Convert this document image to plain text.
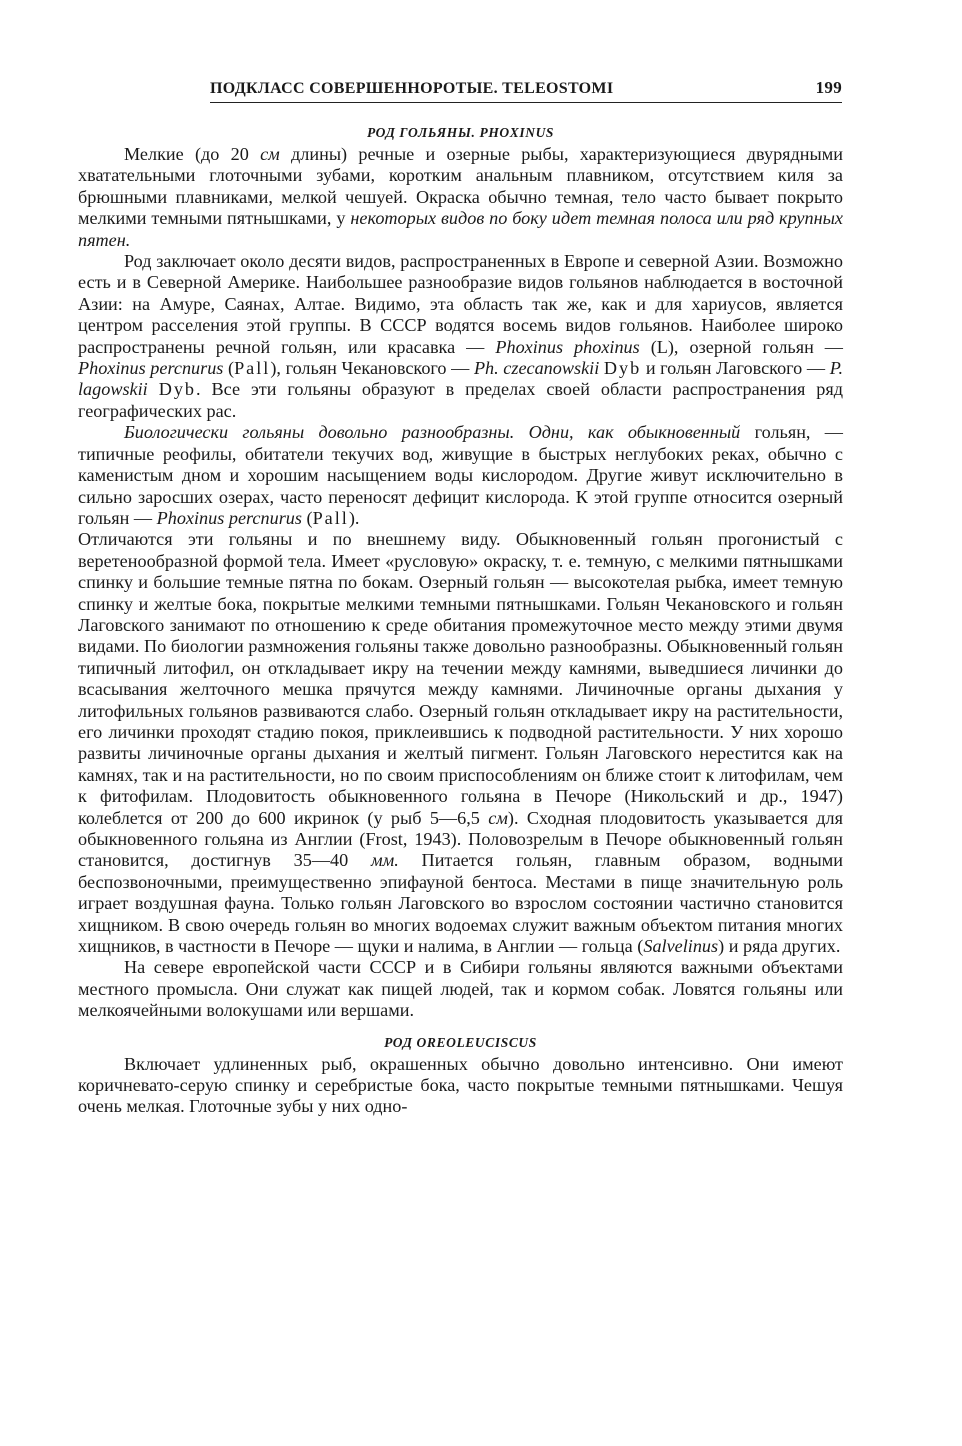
ПОДКЛАСС СОВЕРШЕННОРОТЫЕ. TELEOSTOMI	199
РОД ГОЛЬЯНЫ. PHOXINUS

Мелкие (до 20 см длины) речные и озерные рыбы, характеризующиеся двурядными хватательными глоточными зубами, коротким анальным плавником, отсутствием киля за брюшными плавниками, мелкой чешуей. Окраска обычно темная, тело часто бывает покрыто мелкими темными пятнышками, у некоторых видов по боку идет темная полоса или ряд крупных пятен.

Род заключает около десяти видов, распространенных в Европе и северной Азии. Возможно есть и в Северной Америке. Наибольшее разнообразие видов гольянов наблюдается в восточной Азии: на Амуре, Саянах, Алтае. Видимо, эта область так же, как и для хариусов, является центром расселения этой группы. В СССР водятся восемь видов гольянов. Наиболее широко распространены речной гольян, или красавка — Phoxinus phoxinus (L), озерной гольян — Phoxinus percnurus (Pall), гольян Чекановского — Ph. czecanowskii Dyb и гольян Лаговского — P. lagowskii Dyb. Все эти гольяны образуют в пределах своей области распространения ряд географических рас.

Биологически гольяны довольно разнообразны. Одни, как обыкновенный гольян, — типичные реофилы, обитатели текучих вод, живущие в быстрых неглубоких реках, обычно с каменистым дном и хорошим насыщением воды кислородом. Другие живут исключительно в сильно заросших озерах, часто переносят дефицит кислорода. К этой группе относится озерный гольян — Phoxinus percnurus (Pall).

Отличаются эти гольяны и по внешнему виду. Обыкновенный гольян прогонистый с веретенообразной формой тела. Имеет «русловую» окраску, т. е. темную, с мелкими пятнышками спинку и большие темные пятна по бокам. Озерный гольян — высокотелая рыбка, имеет темную спинку и желтые бока, покрытые мелкими темными пятнышками. Гольян Чекановского и гольян Лаговского занимают по отношению к среде обитания промежуточное место между этими двумя видами. По биологии размножения гольяны также довольно разнообразны. Обыкновенный гольян типичный литофил, он откладывает икру на течении между камнями, выведшиеся личинки до всасывания желточного мешка прячутся между камнями. Личиночные органы дыхания у литофильных гольянов развиваются слабо. Озерный гольян откладывает икру на растительности, его личинки проходят стадию покоя, приклеившись к подводной растительности. У них хорошо развиты личиночные органы дыхания и желтый пигмент. Гольян Лаговского нерестится как на камнях, так и на растительности, но по своим приспособлениям он ближе стоит к литофилам, чем к фитофилам. Плодовитость обыкновенного гольяна в Печоре (Никольский и др., 1947) колеблется от 200 до 600 икринок (у рыб 5—6,5 см). Сходная плодовитость указывается для обыкновенного гольяна из Англии (Frost, 1943). Половозрелым в Печоре обыкновенный гольян становится, достигнув 35—40 мм. Питается гольян, главным образом, водными беспозвоночными, преимущественно эпифауной бентоса. Местами в пище значительную роль играет воздушная фауна. Только гольян Лаговского во взрослом состоянии частично становится хищником. В свою очередь гольян во многих водоемах служит важным объектом питания многих хищников, в частности в Печоре — щуки и налима, в Англии — гольца (Salvelinus) и ряда других.

На севере европейской части СССР и в Сибири гольяны являются важными объектами местного промысла. Они служат как пищей людей, так и кормом собак. Ловятся гольяны или мелкоячейными волокушами или вершами.

РОД OREOLEUCISCUS

Включает удлиненных рыб, окрашенных обычно довольно интенсивно. Они имеют коричневато-серую спинку и серебристые бока, часто покрытые темными пятнышками. Чешуя очень мелкая. Глоточные зубы у них одно-
